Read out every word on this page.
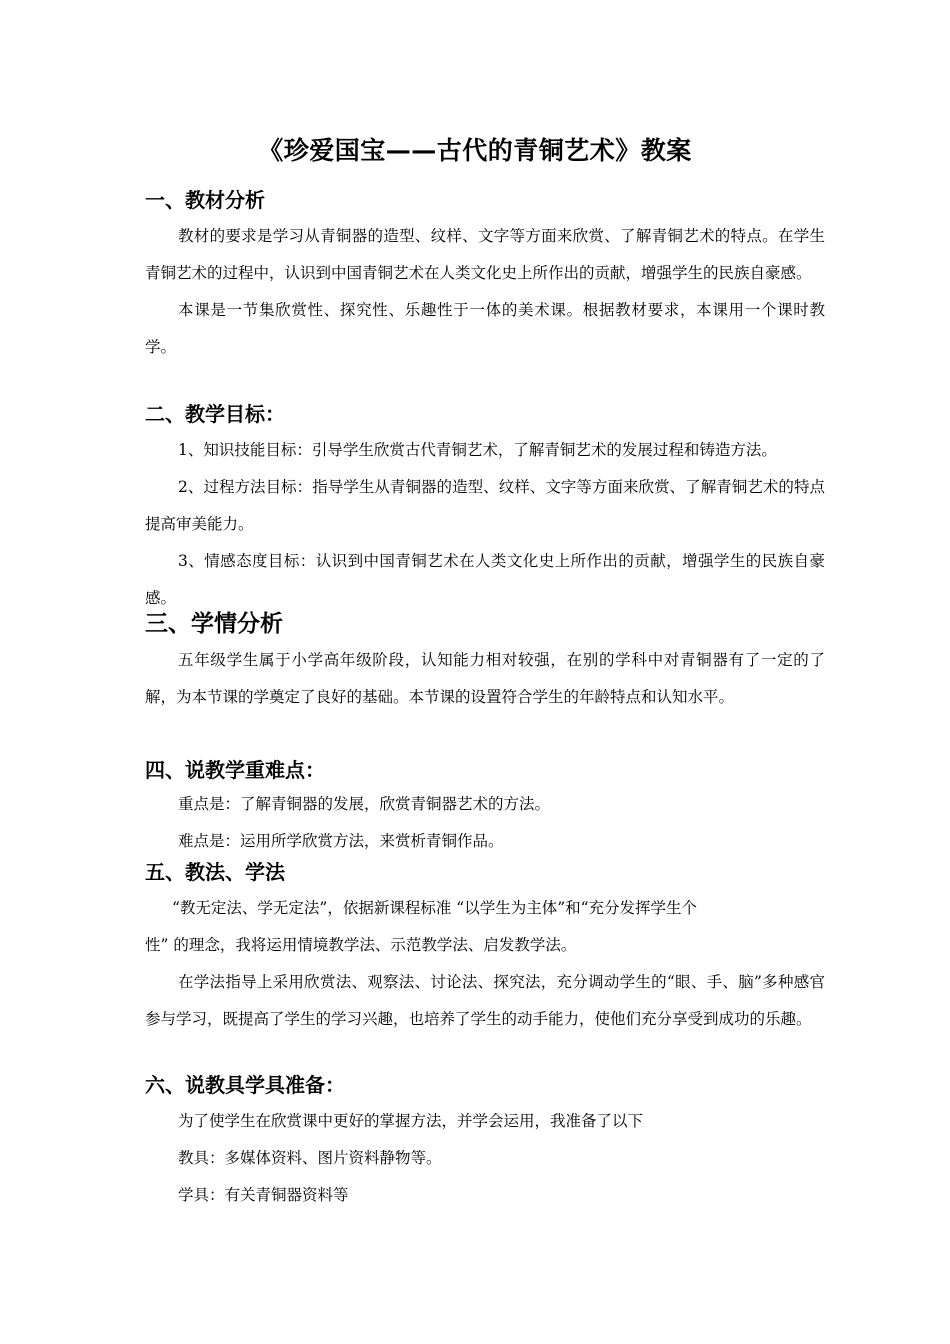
《珍爱国宝——古代的青铜艺术》教案

一、教材分析

教材的要求是学习从青铜器的造型、纹样、文字等方面来欣赏、了解青铜艺术的特点。在学生青铜艺术的过程中，认识到中国青铜艺术在人类文化史上所作出的贡献，增强学生的民族自豪感。

本课是一节集欣赏性、探究性、乐趣性于一体的美术课。根据教材要求，本课用一个课时教学。

二、教学目标：

1、知识技能目标：引导学生欣赏古代青铜艺术，了解青铜艺术的发展过程和铸造方法。

2、过程方法目标：指导学生从青铜器的造型、纹样、文字等方面来欣赏、了解青铜艺术的特点提高审美能力。

3、情感态度目标：认识到中国青铜艺术在人类文化史上所作出的贡献，增强学生的民族自豪感。

三、学情分析

五年级学生属于小学高年级阶段，认知能力相对较强，在别的学科中对青铜器有了一定的了解，为本节课的学奠定了良好的基础。本节课的设置符合学生的年龄特点和认知水平。

四、说教学重难点：

重点是：了解青铜器的发展，欣赏青铜器艺术的方法。

难点是：运用所学欣赏方法，来赏析青铜作品。

五、教法、学法

“教无定法、学无定法”，依据新课程标准 “以学生为主体”和“充分发挥学生个

性” 的理念，我将运用情境教学法、示范教学法、启发教学法。

在学法指导上采用欣赏法、观察法、讨论法、探究法，充分调动学生的“眼、手、脑”多种感官参与学习，既提高了学生的学习兴趣，也培养了学生的动手能力，使他们充分享受到成功的乐趣。

六、说教具学具准备：

为了使学生在欣赏课中更好的掌握方法，并学会运用，我准备了以下

教具：多媒体资料、图片资料静物等。

学具：有关青铜器资料等
